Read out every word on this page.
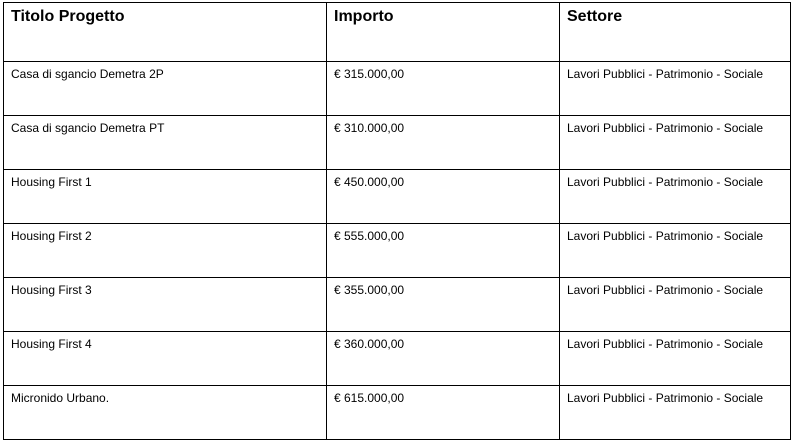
Titolo Progetto	Importo	Settore
Casa di sgancio Demetra 2P	€ 315.000,00	Lavori Pubblici - Patrimonio - Sociale
Casa di sgancio Demetra PT	€ 310.000,00	Lavori Pubblici - Patrimonio - Sociale
Housing First 1	€ 450.000,00	Lavori Pubblici - Patrimonio - Sociale
Housing First 2	€ 555.000,00	Lavori Pubblici - Patrimonio - Sociale
Housing First 3	€ 355.000,00	Lavori Pubblici - Patrimonio - Sociale
Housing First 4	€ 360.000,00	Lavori Pubblici - Patrimonio - Sociale
Micronido Urbano.	€ 615.000,00	Lavori Pubblici - Patrimonio - Sociale
